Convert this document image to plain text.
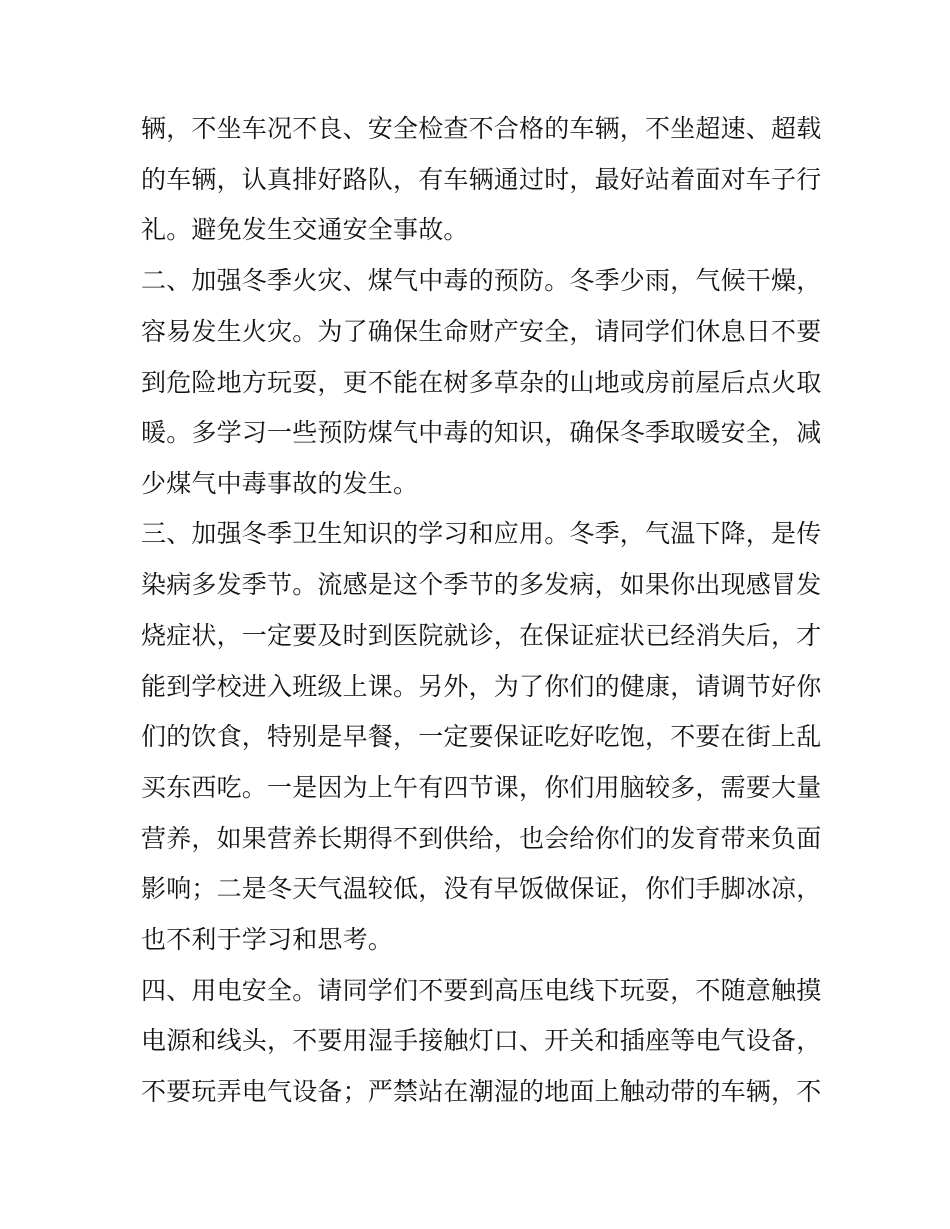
辆，不坐车况不良、安全检查不合格的车辆，不坐超速、超载
的车辆，认真排好路队，有车辆通过时，最好站着面对车子行
礼。避免发生交通安全事故。
二、加强冬季火灾、煤气中毒的预防。冬季少雨，气候干燥，
容易发生火灾。为了确保生命财产安全，请同学们休息日不要
到危险地方玩耍，更不能在树多草杂的山地或房前屋后点火取
暖。多学习一些预防煤气中毒的知识，确保冬季取暖安全，减
少煤气中毒事故的发生。
三、加强冬季卫生知识的学习和应用。冬季，气温下降，是传
染病多发季节。流感是这个季节的多发病，如果你出现感冒发
烧症状，一定要及时到医院就诊，在保证症状已经消失后，才
能到学校进入班级上课。另外，为了你们的健康，请调节好你
们的饮食，特别是早餐，一定要保证吃好吃饱，不要在街上乱
买东西吃。一是因为上午有四节课，你们用脑较多，需要大量
营养，如果营养长期得不到供给，也会给你们的发育带来负面
影响；二是冬天气温较低，没有早饭做保证，你们手脚冰凉，
也不利于学习和思考。
四、用电安全。请同学们不要到高压电线下玩耍，不随意触摸
电源和线头，不要用湿手接触灯口、开关和插座等电气设备，
不要玩弄电气设备；严禁站在潮湿的地面上触动带的车辆，不
